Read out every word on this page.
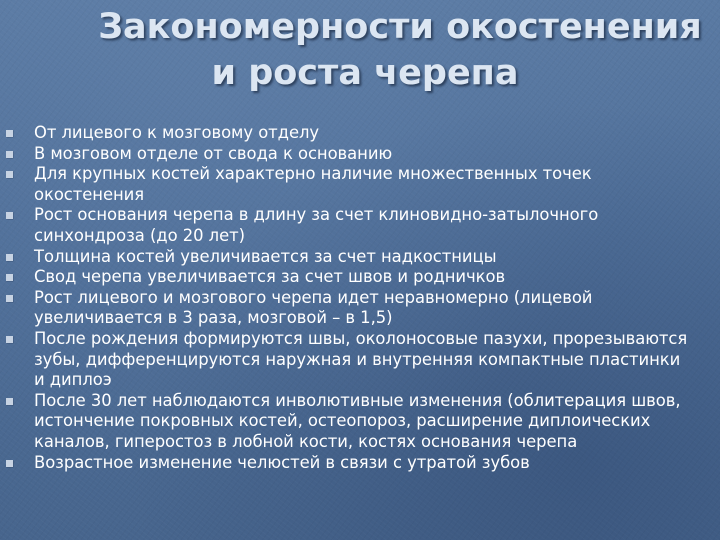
Закономерности окостенения
и роста черепа
От лицевого к мозговому отделу
В мозговом отделе от свода к основанию
Для крупных костей характерно наличие множественных точек окостенения
Рост основания черепа в длину за счет клиновидно-затылочного синхондроза (до 20 лет)
Толщина костей увеличивается за счет надкостницы
Свод черепа увеличивается за счет швов и родничков
Рост лицевого и мозгового черепа идет неравномерно (лицевой увеличивается в 3 раза, мозговой – в 1,5)
После рождения формируются швы, околоносовые пазухи, прорезываются зубы, дифференцируются наружная и внутренняя компактные пластинки и диплоэ
После 30 лет наблюдаются инволютивные изменения (облитерация швов, истончение покровных костей, остеопороз, расширение диплоических каналов, гиперостоз в лобной кости, костях основания черепа
Возрастное изменение челюстей в связи с утратой зубов
